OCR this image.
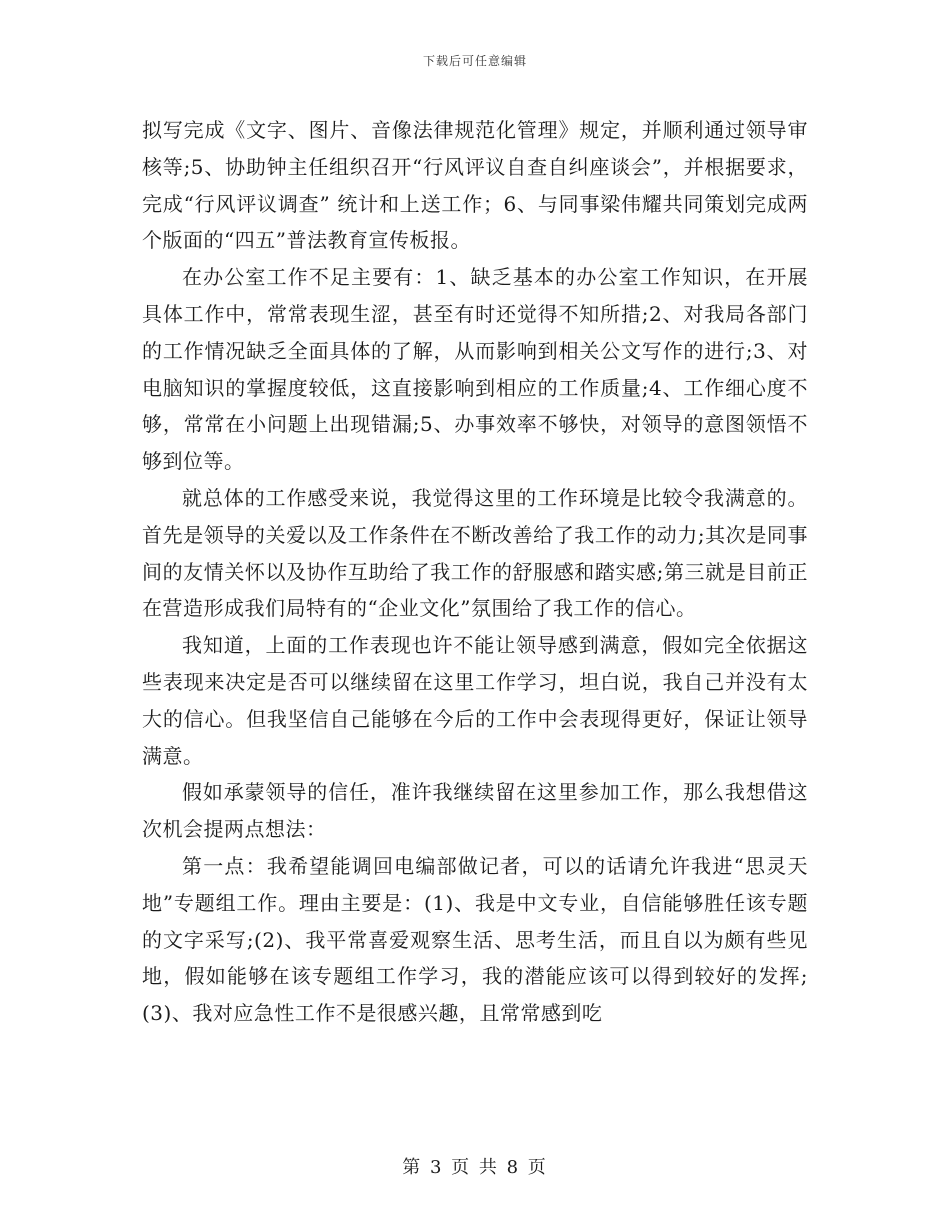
下载后可任意编辑

拟写完成《文字、图片、音像法律规范化管理》规定，并顺利通过领导审核等;5、协助钟主任组织召开“行风评议自查自纠座谈会”，并根据要求，完成“行风评议调查” 统计和上送工作；6、与同事梁伟耀共同策划完成两个版面的“四五”普法教育宣传板报。

在办公室工作不足主要有：1、缺乏基本的办公室工作知识，在开展具体工作中，常常表现生涩，甚至有时还觉得不知所措;2、对我局各部门的工作情况缺乏全面具体的了解，从而影响到相关公文写作的进行;3、对电脑知识的掌握度较低，这直接影响到相应的工作质量;4、工作细心度不够，常常在小问题上出现错漏;5、办事效率不够快，对领导的意图领悟不够到位等。

就总体的工作感受来说，我觉得这里的工作环境是比较令我满意的。首先是领导的关爱以及工作条件在不断改善给了我工作的动力;其次是同事间的友情关怀以及协作互助给了我工作的舒服感和踏实感;第三就是目前正在营造形成我们局特有的“企业文化”氛围给了我工作的信心。

我知道，上面的工作表现也许不能让领导感到满意，假如完全依据这些表现来决定是否可以继续留在这里工作学习，坦白说，我自己并没有太大的信心。但我坚信自己能够在今后的工作中会表现得更好，保证让领导满意。

假如承蒙领导的信任，准许我继续留在这里参加工作，那么我想借这次机会提两点想法：

第一点：我希望能调回电编部做记者，可以的话请允许我进“思灵天地”专题组工作。理由主要是：(1)、我是中文专业，自信能够胜任该专题的文字采写;(2)、我平常喜爱观察生活、思考生活，而且自以为颇有些见地，假如能够在该专题组工作学习，我的潜能应该可以得到较好的发挥;(3)、我对应急性工作不是很感兴趣，且常常感到吃

第 3 页 共 8 页
